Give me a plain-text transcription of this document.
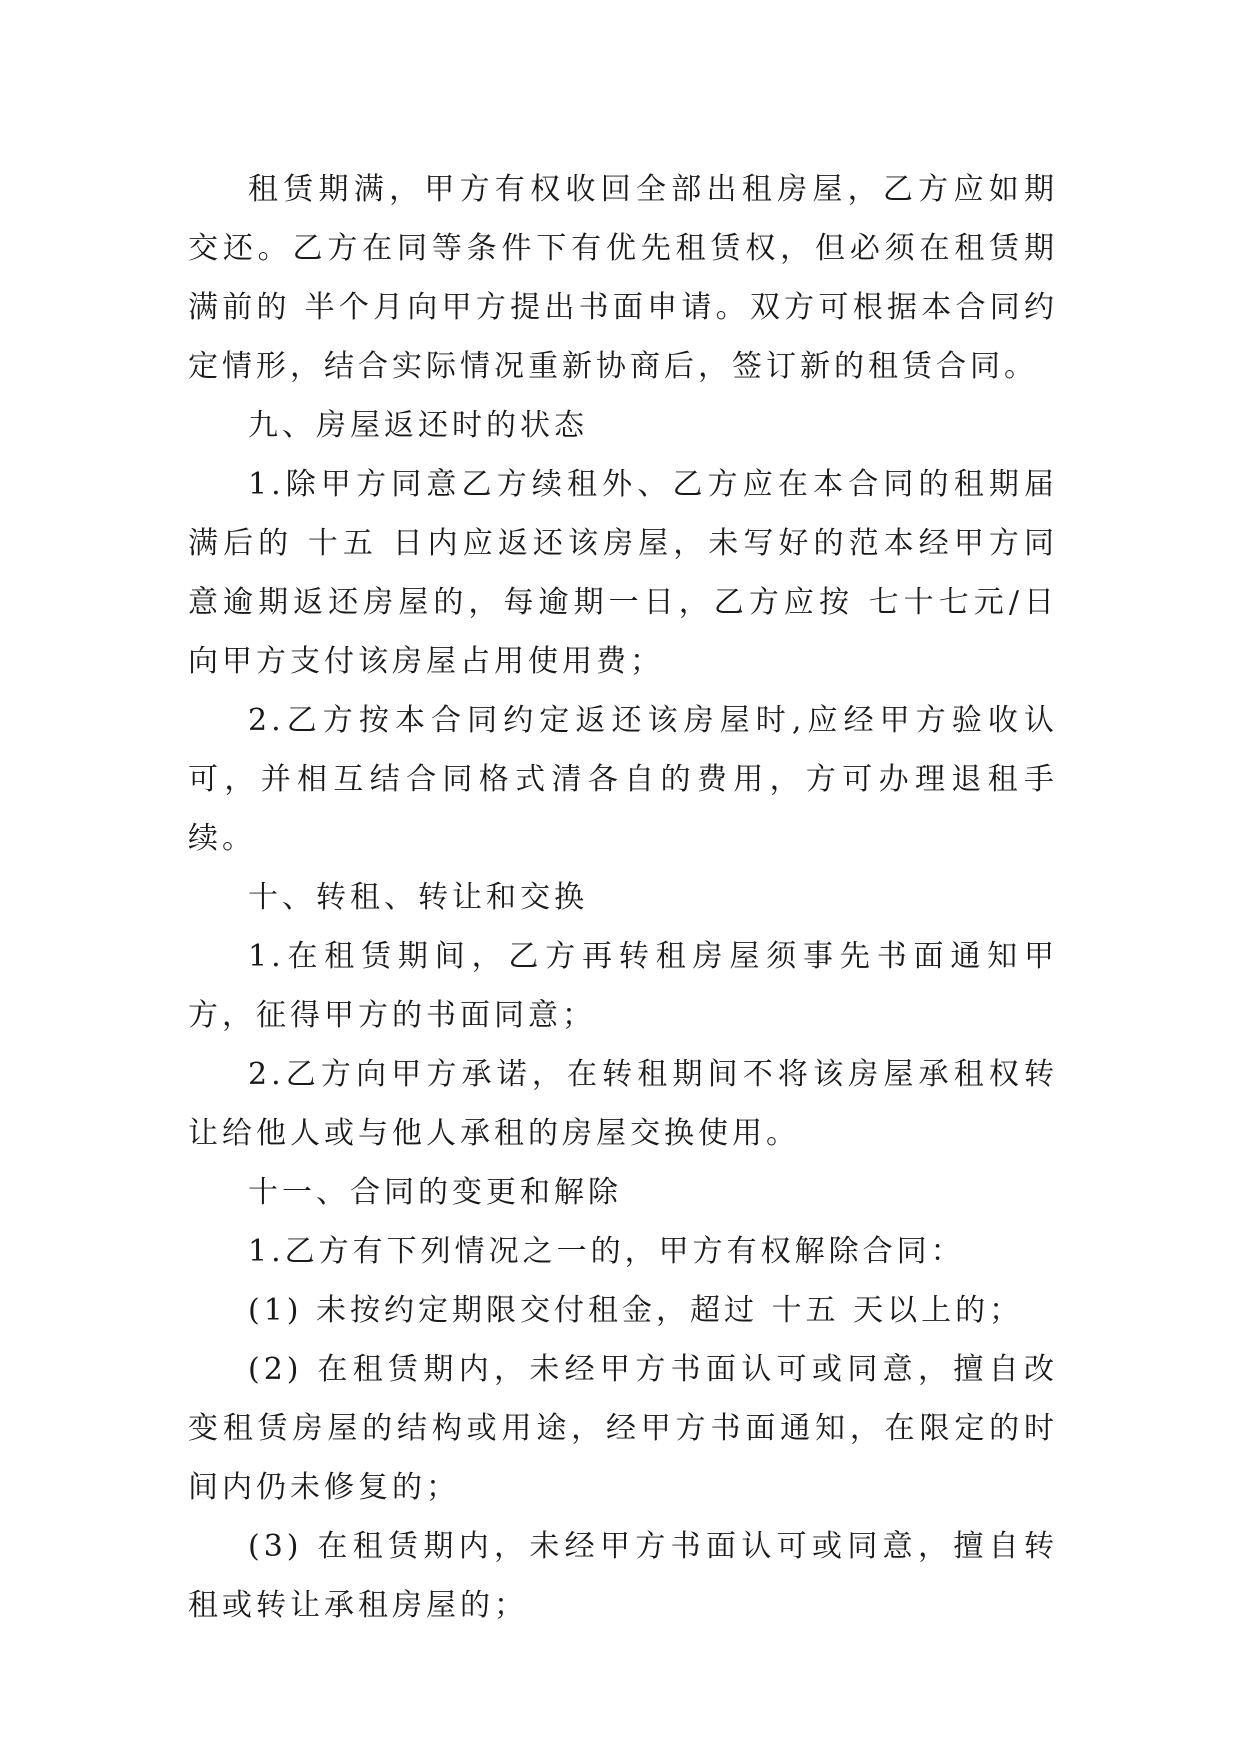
租赁期满，甲方有权收回全部出租房屋，乙方应如期交还。乙方在同等条件下有优先租赁权，但必须在租赁期满前的 半个月向甲方提出书面申请。双方可根据本合同约定情形，结合实际情况重新协商后，签订新的租赁合同。

九、房屋返还时的状态

1.除甲方同意乙方续租外、乙方应在本合同的租期届满后的 十五 日内应返还该房屋，未写好的范本经甲方同意逾期返还房屋的，每逾期一日，乙方应按 七十七元/日向甲方支付该房屋占用使用费；

2.乙方按本合同约定返还该房屋时,应经甲方验收认可，并相互结合同格式清各自的费用，方可办理退租手续。

十、转租、转让和交换

1.在租赁期间，乙方再转租房屋须事先书面通知甲方，征得甲方的书面同意；

2.乙方向甲方承诺，在转租期间不将该房屋承租权转让给他人或与他人承租的房屋交换使用。

十一、合同的变更和解除

1.乙方有下列情况之一的，甲方有权解除合同：

(1) 未按约定期限交付租金，超过 十五 天以上的；

(2) 在租赁期内，未经甲方书面认可或同意，擅自改变租赁房屋的结构或用途，经甲方书面通知，在限定的时间内仍未修复的；

(3) 在租赁期内，未经甲方书面认可或同意，擅自转租或转让承租房屋的；
